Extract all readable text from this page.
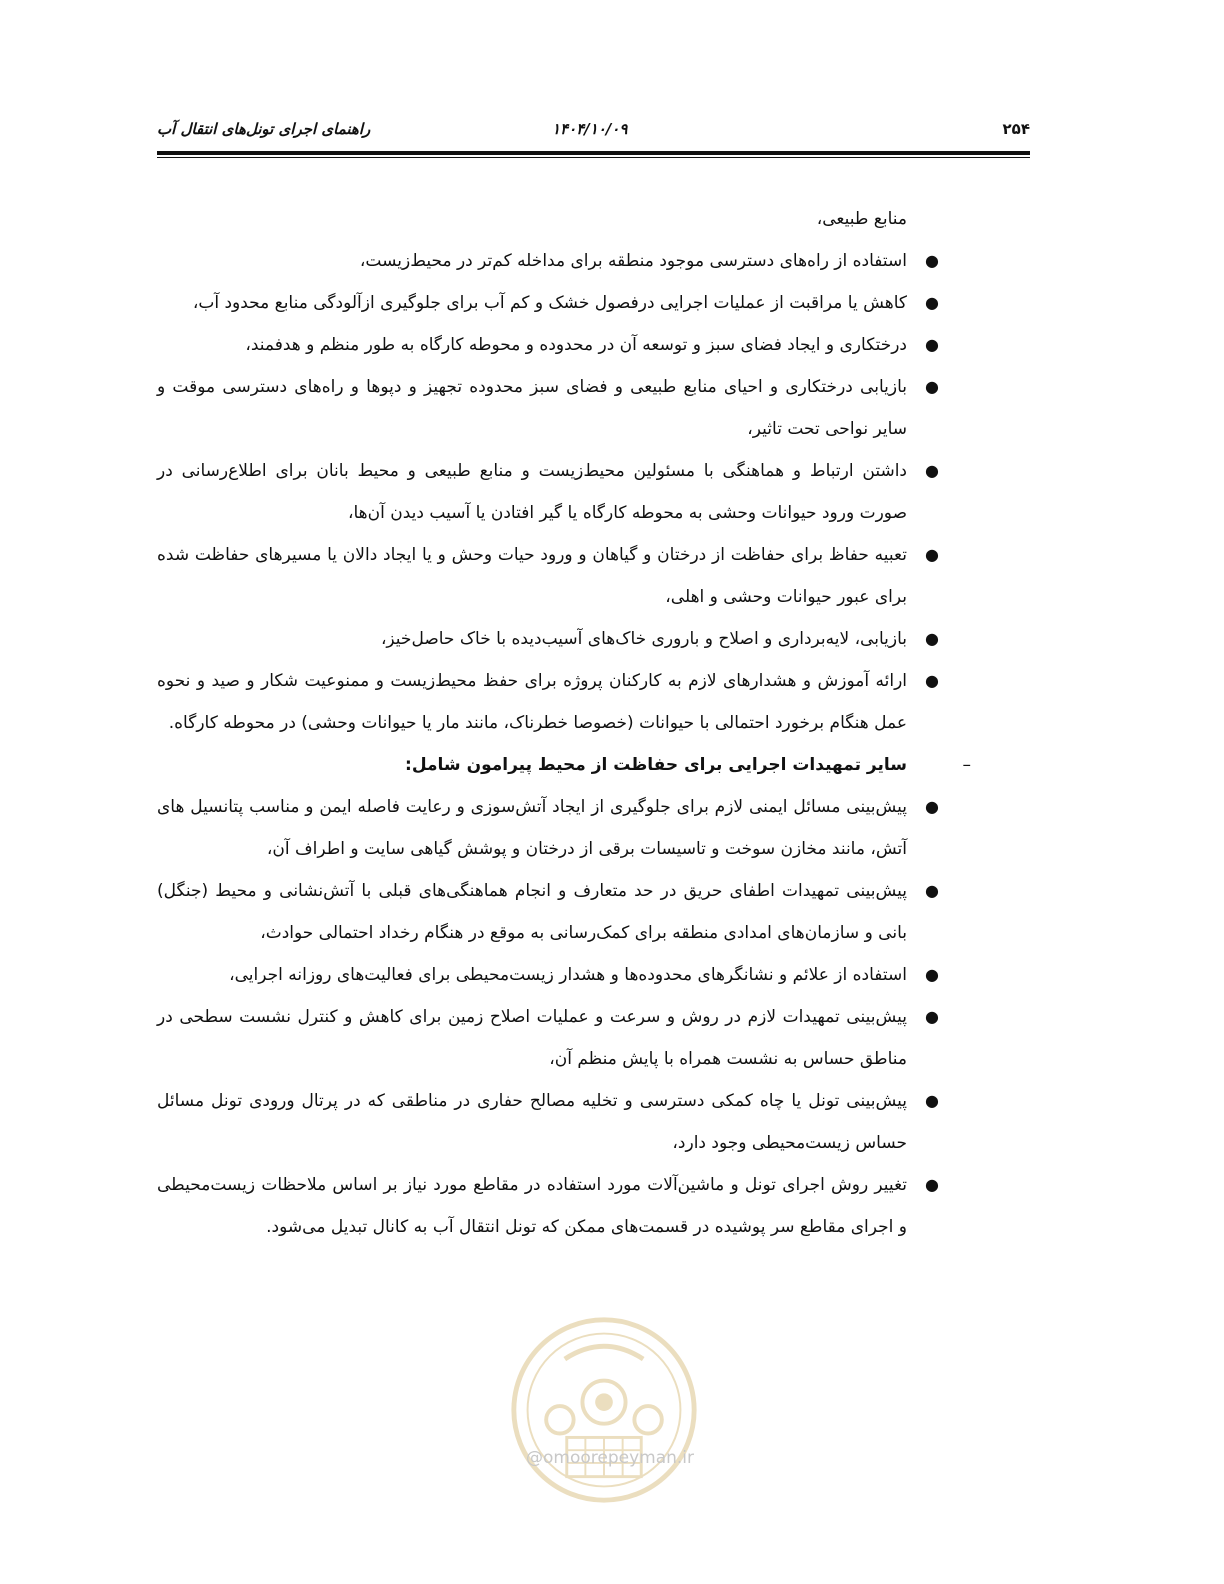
راهنمای اجرای تونل‌های انتقال آب	۱۴۰۴/۱۰/۰۹	۲۵۴

منابع طبیعی،

●
استفاده از راه‌های دسترسی موجود منطقه برای مداخله کم‌تر در محیط‌زیست،
●
کاهش یا مراقبت از عملیات اجرایی درفصول خشک و کم آب برای جلوگیری ازآلودگی منابع محدود آب،
●
درختکاری و ایجاد فضای سبز و توسعه آن در محدوده و محوطه کارگاه به طور منظم و هدفمند،
●
بازیابی درختکاری و احیای منابع طبیعی و فضای سبز محدوده تجهیز و دپوها و راه‌های دسترسی موقت و سایر نواحی تحت تاثیر،
●
داشتن ارتباط و هماهنگی با مسئولین محیط‌زیست و منابع طبیعی و محیط بانان برای اطلاع‌رسانی در صورت ورود حیوانات وحشی به محوطه کارگاه یا گیر افتادن یا آسیب دیدن آن‌ها،
●
تعبیه حفاظ برای حفاظت از درختان و گیاهان و ورود حیات وحش و یا ایجاد دالان یا مسیرهای حفاظت شده برای عبور حیوانات وحشی و اهلی،
●
بازیابی، لایه‌برداری و اصلاح و باروری خاک‌های آسیب‌دیده با خاک حاصل‌خیز،
●
ارائه آموزش و هشدارهای لازم به کارکنان پروژه برای حفظ محیط‌زیست و ممنوعیت شکار و صید و نحوه عمل هنگام برخورد احتمالی با حیوانات (خصوصا خطرناک، مانند مار یا حیوانات وحشی) در محوطه کارگاه.
–
سایر تمهیدات اجرایی برای حفاظت از محیط پیرامون شامل:
●
پیش‌بینی مسائل ایمنی لازم برای جلوگیری از ایجاد آتش‌سوزی و رعایت فاصله ایمن و مناسب پتانسیل های آتش، مانند مخازن سوخت و تاسیسات برقی از درختان و پوشش گیاهی سایت و اطراف آن،
●
پیش‌بینی تمهیدات اطفای حریق در حد متعارف و انجام هماهنگی‌های قبلی با آتش‌نشانی و محیط (جنگل) بانی و سازمان‌های امدادی منطقه برای کمک‌رسانی به موقع در هنگام رخداد احتمالی حوادث،
●
استفاده از علائم و نشانگرهای محدوده‌ها و هشدار زیست‌محیطی برای فعالیت‌های روزانه اجرایی،
●
پیش‌بینی تمهیدات لازم در روش و سرعت و عملیات اصلاح زمین برای کاهش و کنترل نشست سطحی در مناطق حساس به نشست همراه با پایش منظم آن،
●
پیش‌بینی تونل یا چاه کمکی دسترسی و تخلیه مصالح حفاری در مناطقی که در پرتال ورودی تونل مسائل حساس زیست‌محیطی وجود دارد،
●
تغییر روش اجرای تونل و ماشین‌آلات مورد استفاده در مقاطع مورد نیاز بر اساس ملاحظات زیست‌محیطی و اجرای مقاطع سر پوشیده در قسمت‌های ممکن که تونل انتقال آب به کانال تبدیل می‌شود.
@omoorepeyman.ir
